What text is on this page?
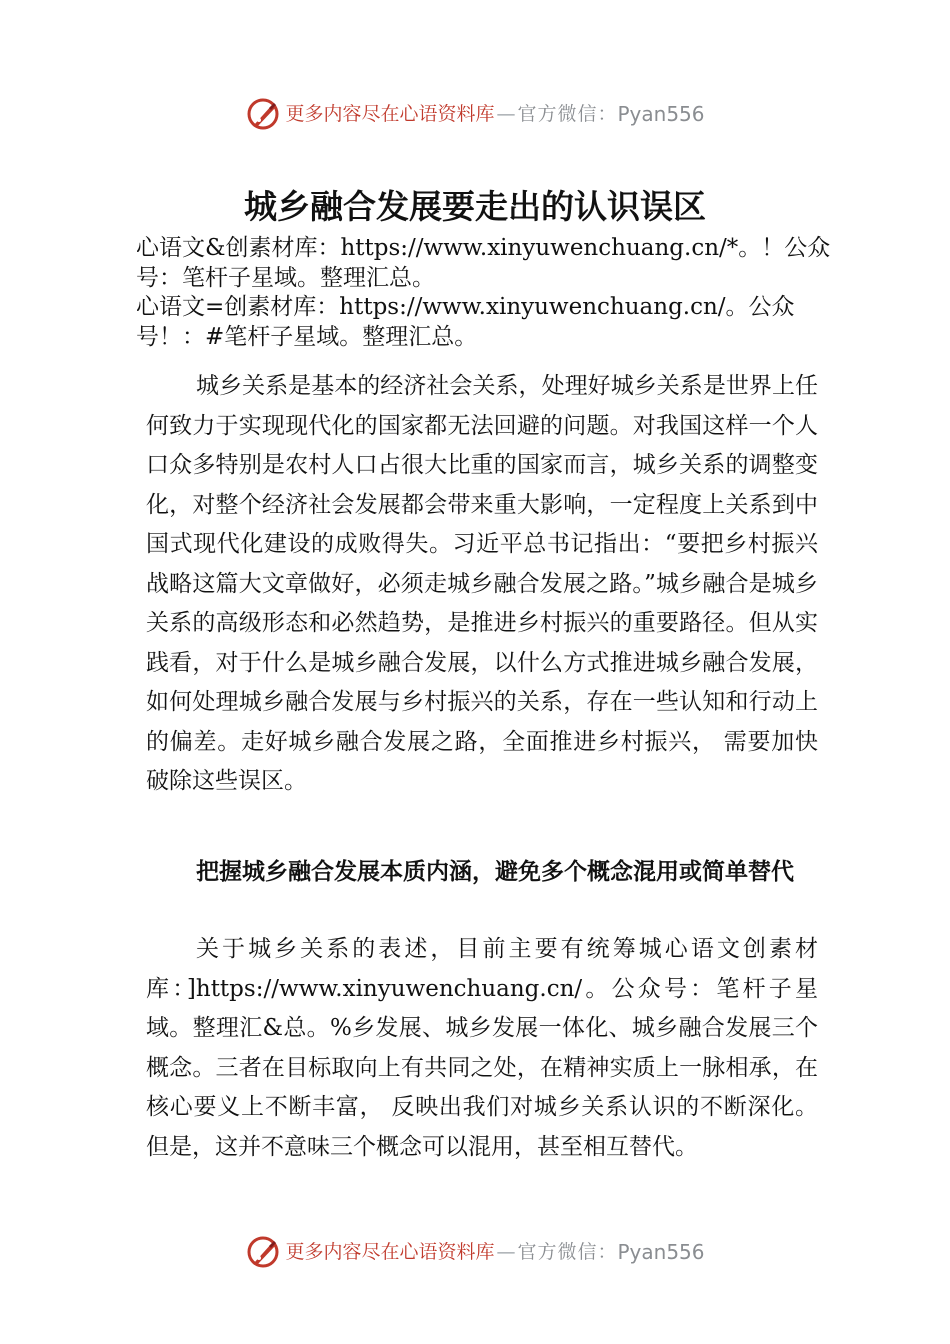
更多内容尽在心语资料库 — 官方微信： Pyan556
城乡融合发展要走出的认识误区

心语文&创素材库：https://www.xinyuwenchuang.cn/*。！公众号：笔杆子星域。整理汇总。

心语文=创素材库：https://www.xinyuwenchuang.cn/。公众号！：#笔杆子星域。整理汇总。

城乡关系是基本的经济社会关系，处理好城乡关系是世界上任何致力于实现现代化的国家都无法回避的问题。对我国这样一个人口众多特别是农村人口占很大比重的国家而言，城乡关系的调整变化，对整个经济社会发展都会带来重大影响，一定程度上关系到中国式现代化建设的成败得失。习近平总书记指出：“要把乡村振兴战略这篇大文章做好，必须走城乡融合发展之路。”城乡融合是城乡关系的高级形态和必然趋势，是推进乡村振兴的重要路径。但从实践看，对于什么是城乡融合发展，以什么方式推进城乡融合发展，如何处理城乡融合发展与乡村振兴的关系，存在一些认知和行动上的偏差。走好城乡融合发展之路，全面推进乡村振兴， 需要加快破除这些误区。

把握城乡融合发展本质内涵，避免多个概念混用或简单替代

关于城乡关系的表述，目前主要有统筹城心语文创素材库：]https://www.xinyuwenchuang.cn/。公众号：笔杆子星域。整理汇&总。%乡发展、城乡发展一体化、城乡融合发展三个概念。三者在目标取向上有共同之处，在精神实质上一脉相承，在核心要义上不断丰富， 反映出我们对城乡关系认识的不断深化。但是，这并不意味三个概念可以混用，甚至相互替代。

更多内容尽在心语资料库 — 官方微信： Pyan556
